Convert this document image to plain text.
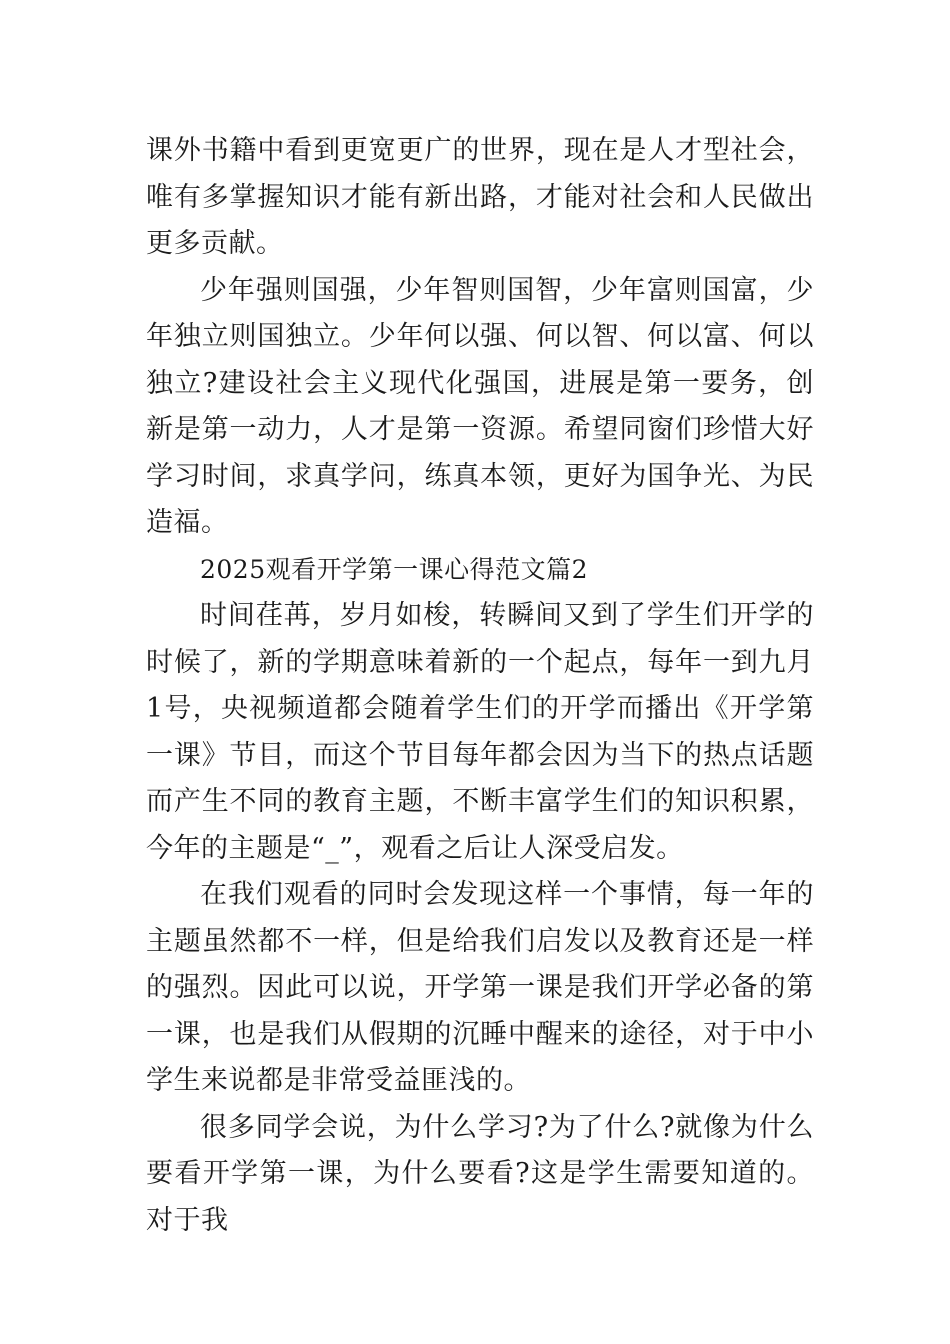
课外书籍中看到更宽更广的世界，现在是人才型社会，唯有多掌握知识才能有新出路，才能对社会和人民做出更多贡献。

少年强则国强，少年智则国智，少年富则国富，少年独立则国独立。少年何以强、何以智、何以富、何以独立?建设社会主义现代化强国，进展是第一要务，创新是第一动力，人才是第一资源。希望同窗们珍惜大好学习时间，求真学问，练真本领，更好为国争光、为民造福。

2025观看开学第一课心得范文篇2

时间荏苒，岁月如梭，转瞬间又到了学生们开学的时候了，新的学期意味着新的一个起点，每年一到九月1号，央视频道都会随着学生们的开学而播出《开学第一课》节目，而这个节目每年都会因为当下的热点话题而产生不同的教育主题，不断丰富学生们的知识积累，今年的主题是“_”，观看之后让人深受启发。

在我们观看的同时会发现这样一个事情，每一年的主题虽然都不一样，但是给我们启发以及教育还是一样的强烈。因此可以说，开学第一课是我们开学必备的第一课，也是我们从假期的沉睡中醒来的途径，对于中小学生来说都是非常受益匪浅的。

很多同学会说，为什么学习?为了什么?就像为什么要看开学第一课，为什么要看?这是学生需要知道的。对于我
